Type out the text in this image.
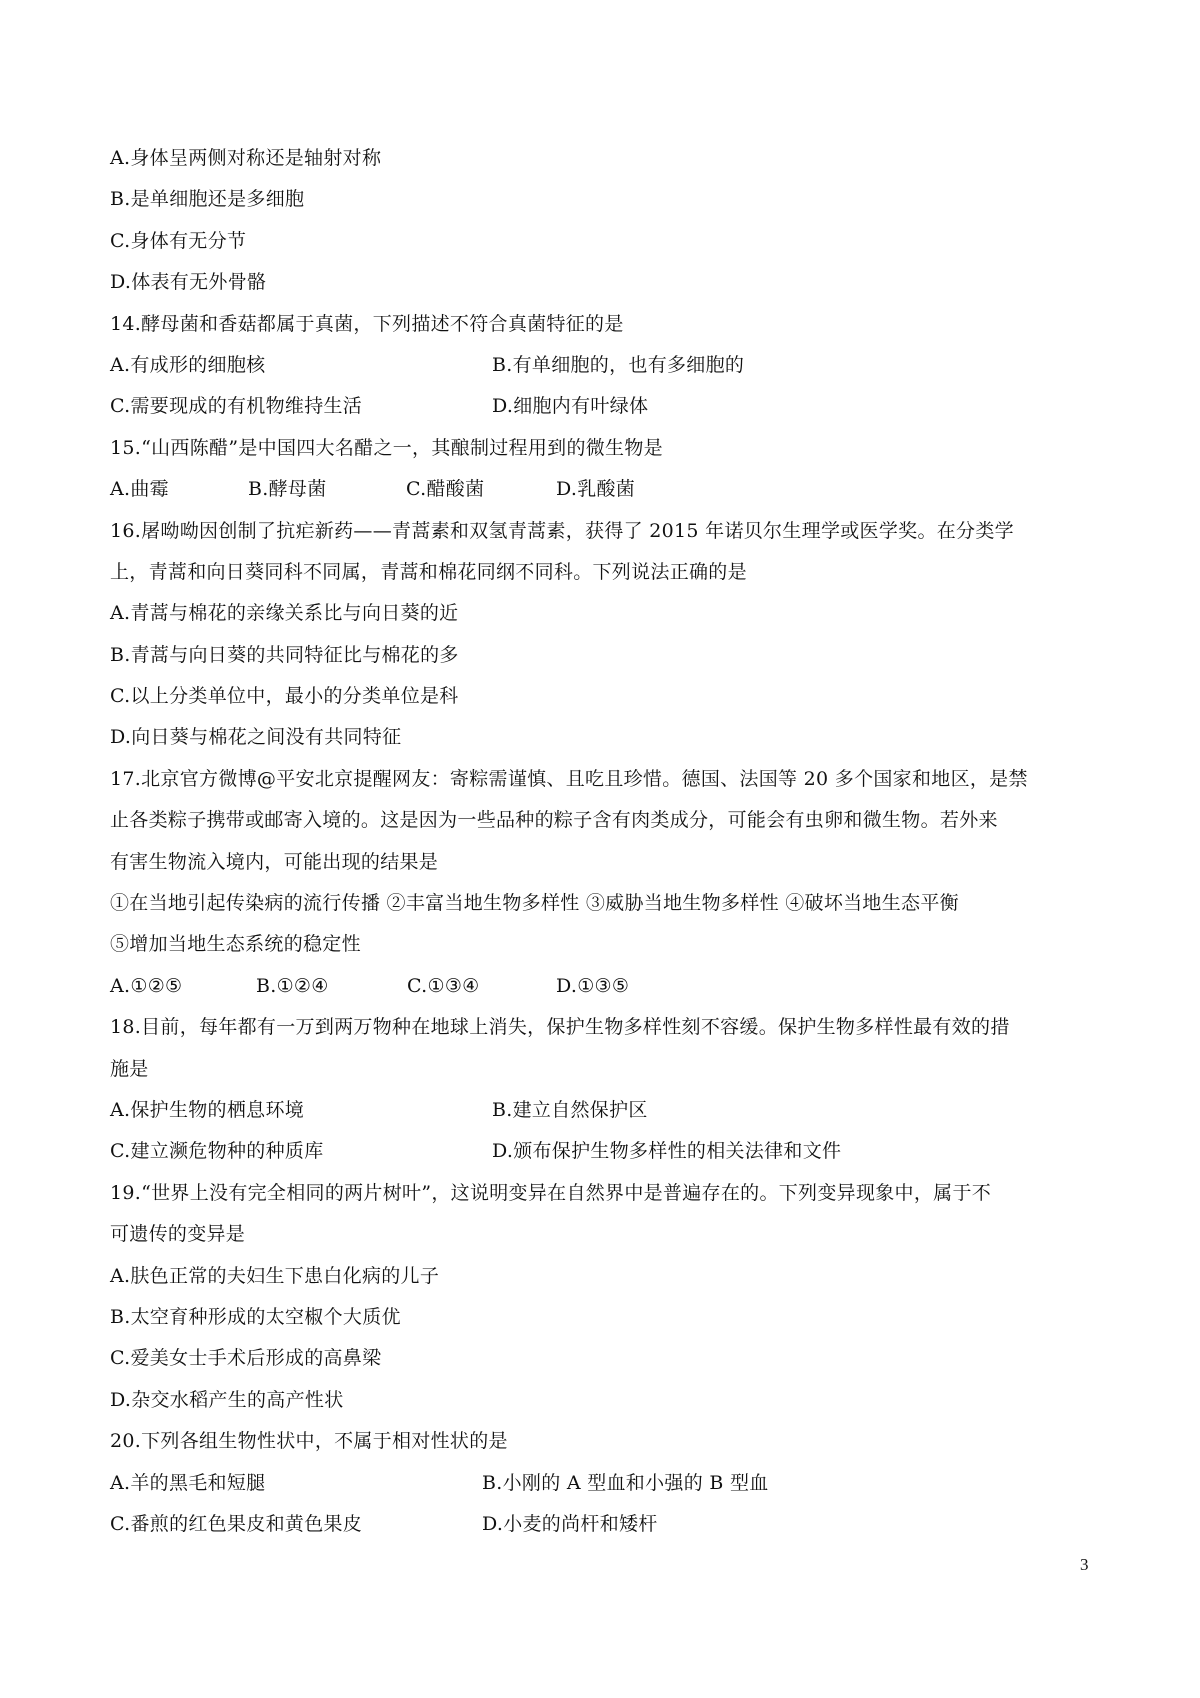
A.身体呈两侧对称还是轴射对称
B.是单细胞还是多细胞
C.身体有无分节
D.体表有无外骨骼
14.酵母菌和香菇都属于真菌，下列描述不符合真菌特征的是
A.有成形的细胞核	B.有单细胞的，也有多细胞的
C.需要现成的有机物维持生活	D.细胞内有叶绿体
15.“山西陈醋”是中国四大名醋之一，其酿制过程用到的微生物是
A.曲霉	B.酵母菌	C.醋酸菌	D.乳酸菌
16.屠呦呦因创制了抗疟新药——青蒿素和双氢青蒿素，获得了 2015 年诺贝尔生理学或医学奖。在分类学
上，青蒿和向日葵同科不同属，青蒿和棉花同纲不同科。下列说法正确的是
A.青蒿与棉花的亲缘关系比与向日葵的近
B.青蒿与向日葵的共同特征比与棉花的多
C.以上分类单位中，最小的分类单位是科
D.向日葵与棉花之间没有共同特征
17.北京官方微博@平安北京提醒网友：寄粽需谨慎、且吃且珍惜。德国、法国等 20 多个国家和地区，是禁
止各类粽子携带或邮寄入境的。这是因为一些品种的粽子含有肉类成分，可能会有虫卵和微生物。若外来
有害生物流入境内，可能出现的结果是
①在当地引起传染病的流行传播 ②丰富当地生物多样性 ③威胁当地生物多样性 ④破坏当地生态平衡
⑤增加当地生态系统的稳定性
A.①②⑤	B.①②④	C.①③④	D.①③⑤
18.目前，每年都有一万到两万物种在地球上消失，保护生物多样性刻不容缓。保护生物多样性最有效的措
施是
A.保护生物的栖息环境	B.建立自然保护区
C.建立濒危物种的种质库	D.颁布保护生物多样性的相关法律和文件
19.“世界上没有完全相同的两片树叶”，这说明变异在自然界中是普遍存在的。下列变异现象中，属于不
可遗传的变异是
A.肤色正常的夫妇生下患白化病的儿子
B.太空育种形成的太空椒个大质优
C.爱美女士手术后形成的高鼻梁
D.杂交水稻产生的高产性状
20.下列各组生物性状中，不属于相对性状的是
A.羊的黑毛和短腿	B.小刚的 A 型血和小强的 B 型血
C.番煎的红色果皮和黄色果皮	D.小麦的尚杆和矮杆
3
